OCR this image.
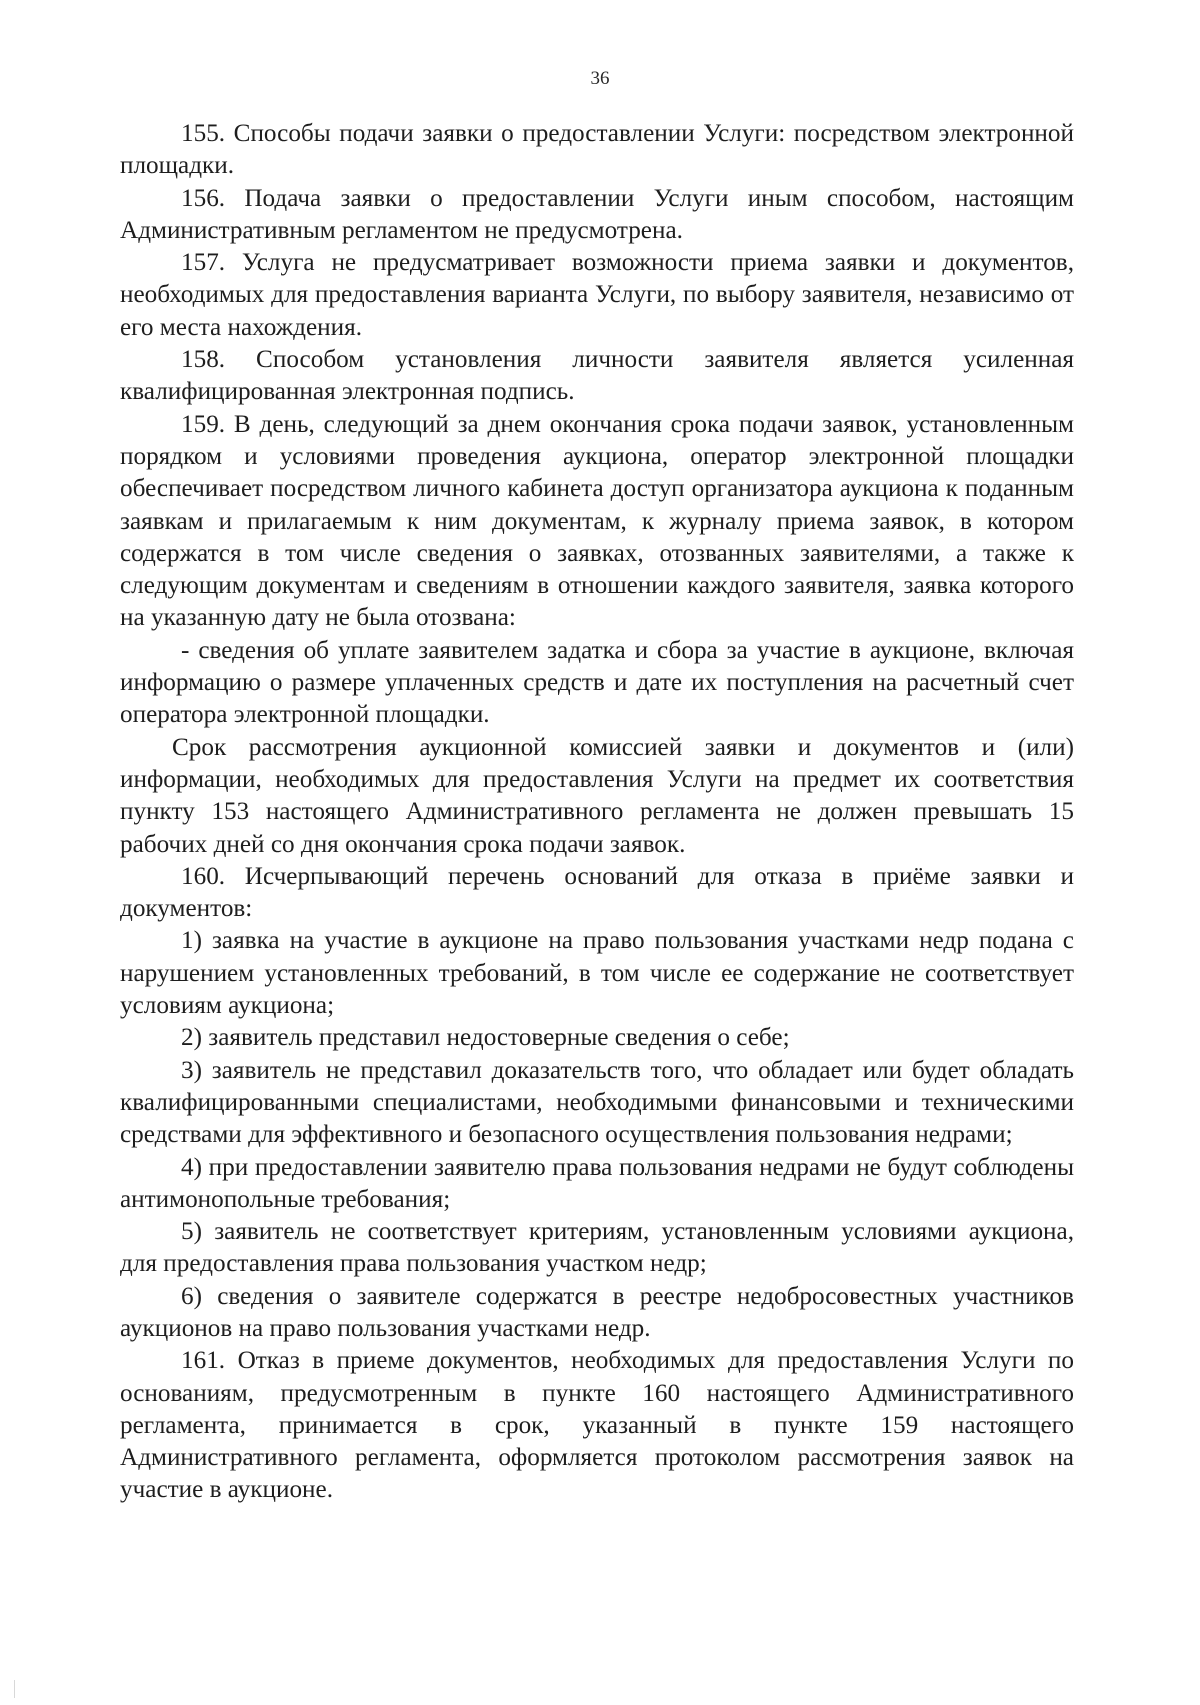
36

155. Способы подачи заявки о предоставлении Услуги: посредством электронной площадки.

156. Подача заявки о предоставлении Услуги иным способом, настоящим Административным регламентом не предусмотрена.

157. Услуга не предусматривает возможности приема заявки и документов, необходимых для предоставления варианта Услуги, по выбору заявителя, независимо от его места нахождения.

158. Способом установления личности заявителя является усиленная квалифицированная электронная подпись.

159. В день, следующий за днем окончания срока подачи заявок, установленным порядком и условиями проведения аукциона, оператор электронной площадки обеспечивает посредством личного кабинета доступ организатора аукциона к поданным заявкам и прилагаемым к ним документам, к журналу приема заявок, в котором содержатся в том числе сведения о заявках, отозванных заявителями, а также к следующим документам и сведениям в отношении каждого заявителя, заявка которого на указанную дату не была отозвана:

- сведения об уплате заявителем задатка и сбора за участие в аукционе, включая информацию о размере уплаченных средств и дате их поступления на расчетный счет оператора электронной площадки.

Срок рассмотрения аукционной комиссией заявки и документов и (или) информации, необходимых для предоставления Услуги на предмет их соответствия пункту 153 настоящего Административного регламента не должен превышать 15 рабочих дней со дня окончания срока подачи заявок.

160. Исчерпывающий перечень оснований для отказа в приёме заявки и документов:

1) заявка на участие в аукционе на право пользования участками недр подана с нарушением установленных требований, в том числе ее содержание не соответствует условиям аукциона;

2) заявитель представил недостоверные сведения о себе;

3) заявитель не представил доказательств того, что обладает или будет обладать квалифицированными специалистами, необходимыми финансовыми и техническими средствами для эффективного и безопасного осуществления пользования недрами;

4) при предоставлении заявителю права пользования недрами не будут соблюдены антимонопольные требования;

5) заявитель не соответствует критериям, установленным условиями аукциона, для предоставления права пользования участком недр;

6) сведения о заявителе содержатся в реестре недобросовестных участников аукционов на право пользования участками недр.

161. Отказ в приеме документов, необходимых для предоставления Услуги по основаниям, предусмотренным в пункте 160 настоящего Административного регламента, принимается в срок, указанный в пункте 159 настоящего Административного регламента, оформляется протоколом рассмотрения заявок на участие в аукционе.
